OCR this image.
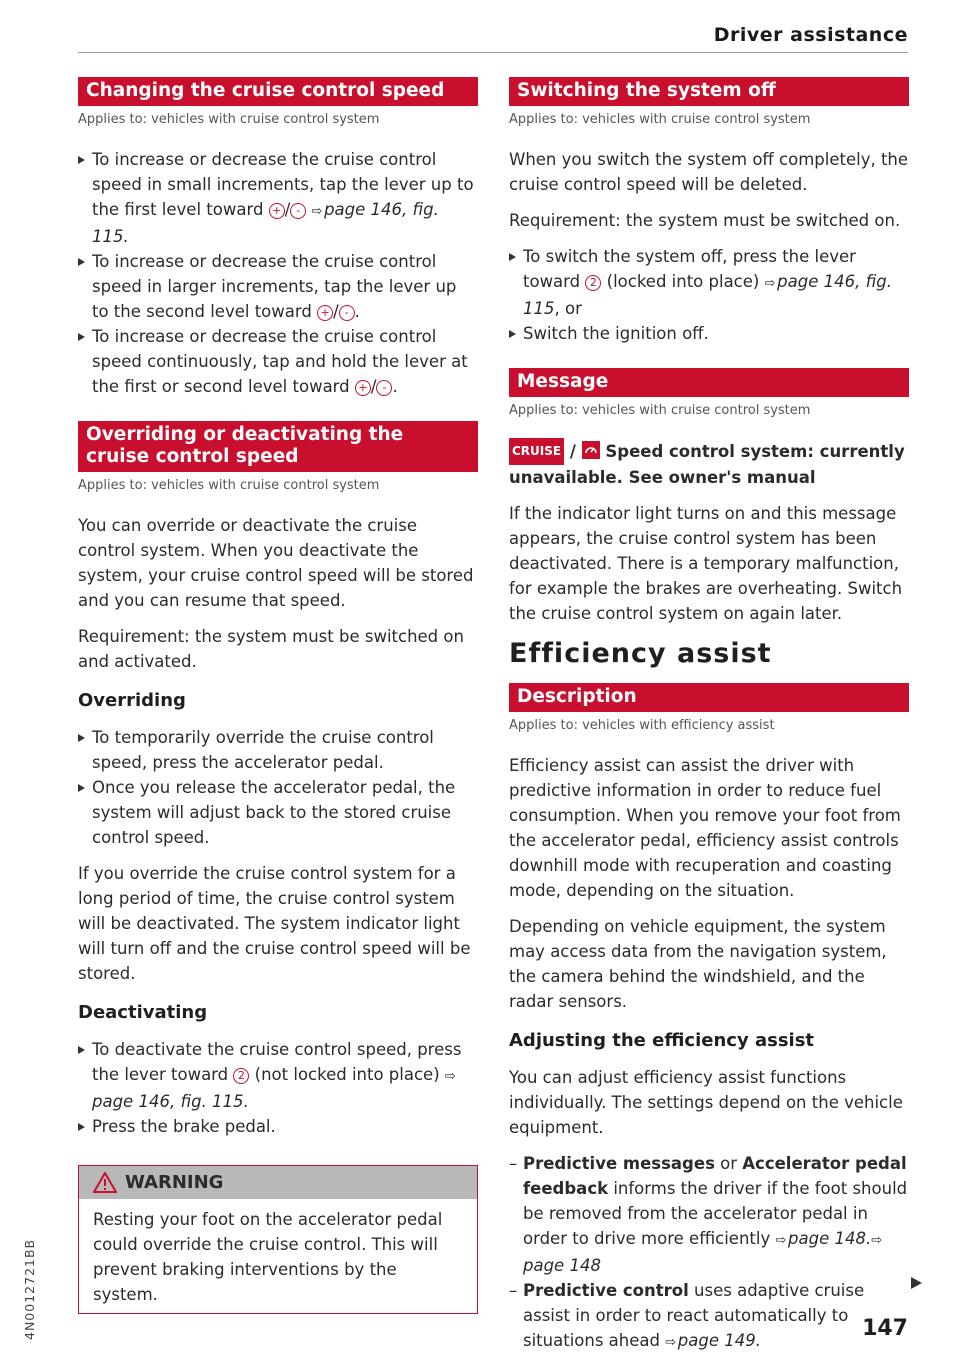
Driver assistance
Changing the cruise control speed
Applies to: vehicles with cruise control system
To increase or decrease the cruise control speed in small increments, tap the lever up to the first level toward + / - ⇨  page 146, fig. 115.
To increase or decrease the cruise control speed in larger increments, tap the lever up to the second level toward + / - .
To increase or decrease the cruise control speed continuously, tap and hold the lever at the first or second level toward + / - .
Overriding or deactivating the cruise control speed
Applies to: vehicles with cruise control system

You can override or deactivate the cruise control system. When you deactivate the system, your cruise control speed will be stored and you can resume that speed.

Requirement: the system must be switched on and activated.

Overriding
To temporarily override the cruise control speed, press the accelerator pedal.
Once you release the accelerator pedal, the system will adjust back to the stored cruise control speed.

If you override the cruise control system for a long period of time, the cruise control system will be deactivated. The system indicator light will turn off and the cruise control speed will be stored.

Deactivating
To deactivate the cruise control speed, press the lever toward 2 (not locked into place) ⇨ page 146, fig. 115.
Press the brake pedal.
WARNING

Resting your foot on the accelerator pedal could override the cruise control. This will prevent braking interventions by the system.

Switching the system off
Applies to: vehicles with cruise control system

When you switch the system off completely, the cruise control speed will be deleted.

Requirement: the system must be switched on.

To switch the system off, press the lever toward 2 (locked into place) ⇨  page 146, fig. 115, or
Switch the ignition off.
Message
Applies to: vehicles with cruise control system

CRUISE / Speed control system: currently unavailable. See owner's manual

If the indicator light turns on and this message appears, the cruise control system has been deactivated. There is a temporary malfunction, for example the brakes are overheating. Switch the cruise control system on again later.

Efficiency assist
Description
Applies to: vehicles with efficiency assist

Efficiency assist can assist the driver with predictive information in order to reduce fuel consumption. When you remove your foot from the accelerator pedal, efficiency assist controls downhill mode with recuperation and coasting mode, depending on the situation.

Depending on vehicle equipment, the system may access data from the navigation system, the camera behind the windshield, and the radar sensors.

Adjusting the efficiency assist

You can adjust efficiency assist functions individually. The settings depend on the vehicle equipment.

– Predictive messages or Accelerator pedal feedback informs the driver if the foot should be removed from the accelerator pedal in order to drive more efficiently ⇨  page 148.⇨ page 148
– Predictive control uses adaptive cruise assist in order to react automatically to situations ahead ⇨  page 149.	147
4N0012721BB
